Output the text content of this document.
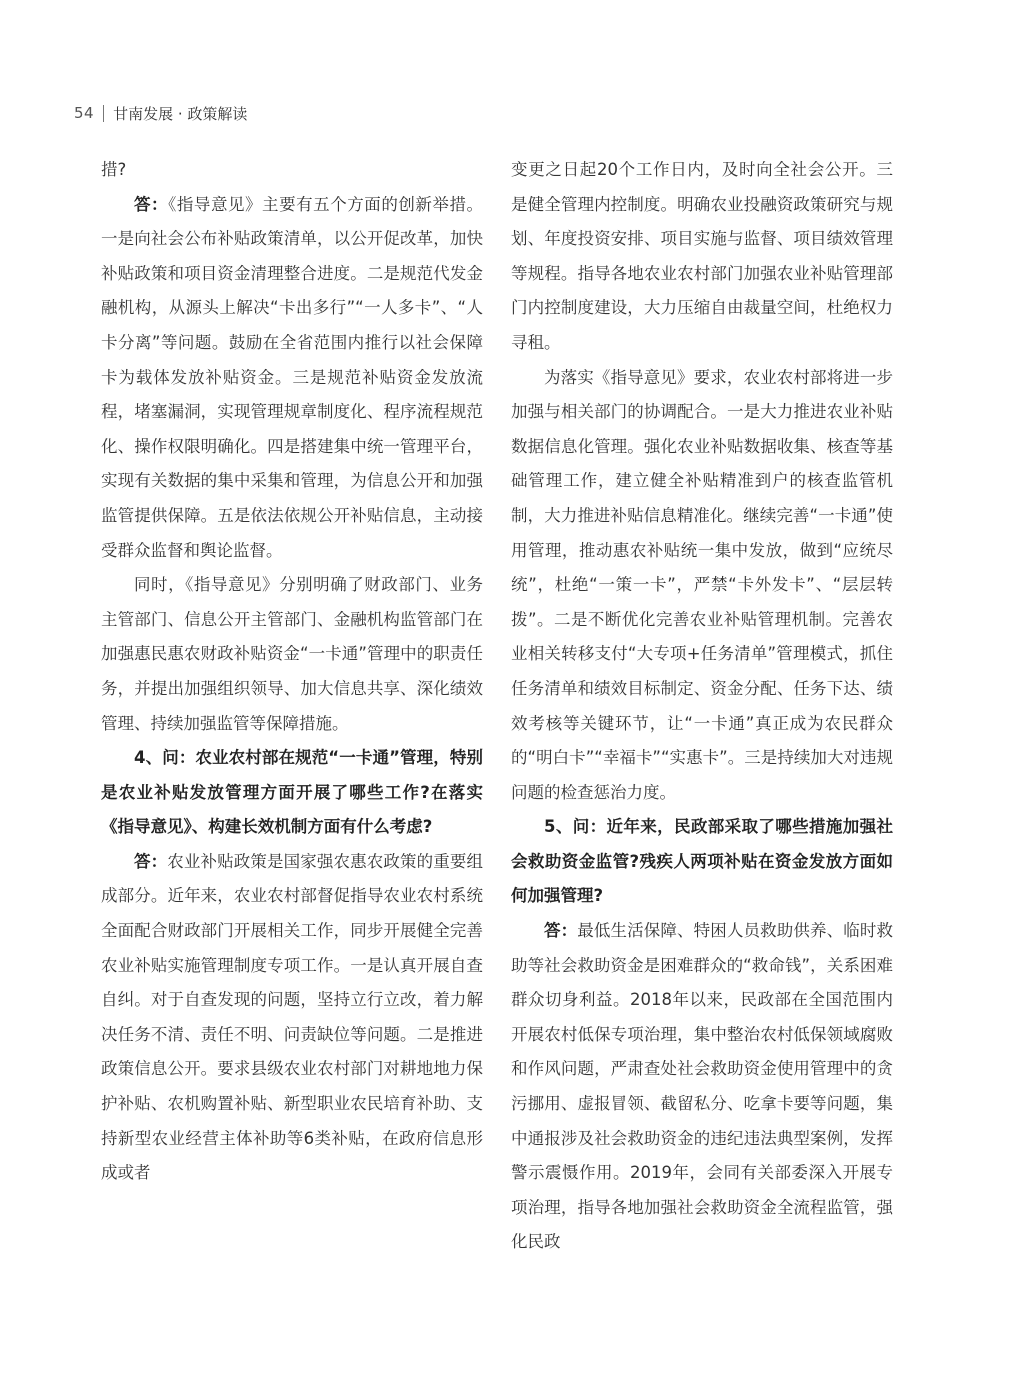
54 甘南发展 · 政策解读

措?

答：《指导意见》主要有五个方面的创新举措。一是向社会公布补贴政策清单，以公开促改革，加快补贴政策和项目资金清理整合进度。二是规范代发金融机构，从源头上解决“卡出多行”“一人多卡”、“人卡分离”等问题。鼓励在全省范围内推行以社会保障卡为载体发放补贴资金。三是规范补贴资金发放流程，堵塞漏洞，实现管理规章制度化、程序流程规范化、操作权限明确化。四是搭建集中统一管理平台，实现有关数据的集中采集和管理，为信息公开和加强监管提供保障。五是依法依规公开补贴信息，主动接受群众监督和舆论监督。

同时，《指导意见》分别明确了财政部门、业务主管部门、信息公开主管部门、金融机构监管部门在加强惠民惠农财政补贴资金“一卡通”管理中的职责任务，并提出加强组织领导、加大信息共享、深化绩效管理、持续加强监管等保障措施。

4、问：农业农村部在规范“一卡通”管理，特别是农业补贴发放管理方面开展了哪些工作?在落实《指导意见》、构建长效机制方面有什么考虑?

答：农业补贴政策是国家强农惠农政策的重要组成部分。近年来，农业农村部督促指导农业农村系统全面配合财政部门开展相关工作，同步开展健全完善农业补贴实施管理制度专项工作。一是认真开展自查自纠。对于自查发现的问题，坚持立行立改，着力解决任务不清、责任不明、问责缺位等问题。二是推进政策信息公开。要求县级农业农村部门对耕地地力保护补贴、农机购置补贴、新型职业农民培育补助、支持新型农业经营主体补助等6类补贴，在政府信息形成或者

变更之日起20个工作日内，及时向全社会公开。三是健全管理内控制度。明确农业投融资政策研究与规划、年度投资安排、项目实施与监督、项目绩效管理等规程。指导各地农业农村部门加强农业补贴管理部门内控制度建设，大力压缩自由裁量空间，杜绝权力寻租。

为落实《指导意见》要求，农业农村部将进一步加强与相关部门的协调配合。一是大力推进农业补贴数据信息化管理。强化农业补贴数据收集、核查等基础管理工作，建立健全补贴精准到户的核查监管机制，大力推进补贴信息精准化。继续完善“一卡通”使用管理，推动惠农补贴统一集中发放，做到“应统尽统”，杜绝“一策一卡”，严禁“卡外发卡”、“层层转拨”。二是不断优化完善农业补贴管理机制。完善农业相关转移支付“大专项+任务清单”管理模式，抓住任务清单和绩效目标制定、资金分配、任务下达、绩效考核等关键环节，让“一卡通”真正成为农民群众的“明白卡”“幸福卡”“实惠卡”。三是持续加大对违规问题的检查惩治力度。

5、问：近年来，民政部采取了哪些措施加强社会救助资金监管?残疾人两项补贴在资金发放方面如何加强管理?

答：最低生活保障、特困人员救助供养、临时救助等社会救助资金是困难群众的“救命钱”，关系困难群众切身利益。2018年以来，民政部在全国范围内开展农村低保专项治理，集中整治农村低保领域腐败和作风问题，严肃查处社会救助资金使用管理中的贪污挪用、虚报冒领、截留私分、吃拿卡要等问题，集中通报涉及社会救助资金的违纪违法典型案例，发挥警示震慑作用。2019年，会同有关部委深入开展专项治理，指导各地加强社会救助资金全流程监管，强化民政
